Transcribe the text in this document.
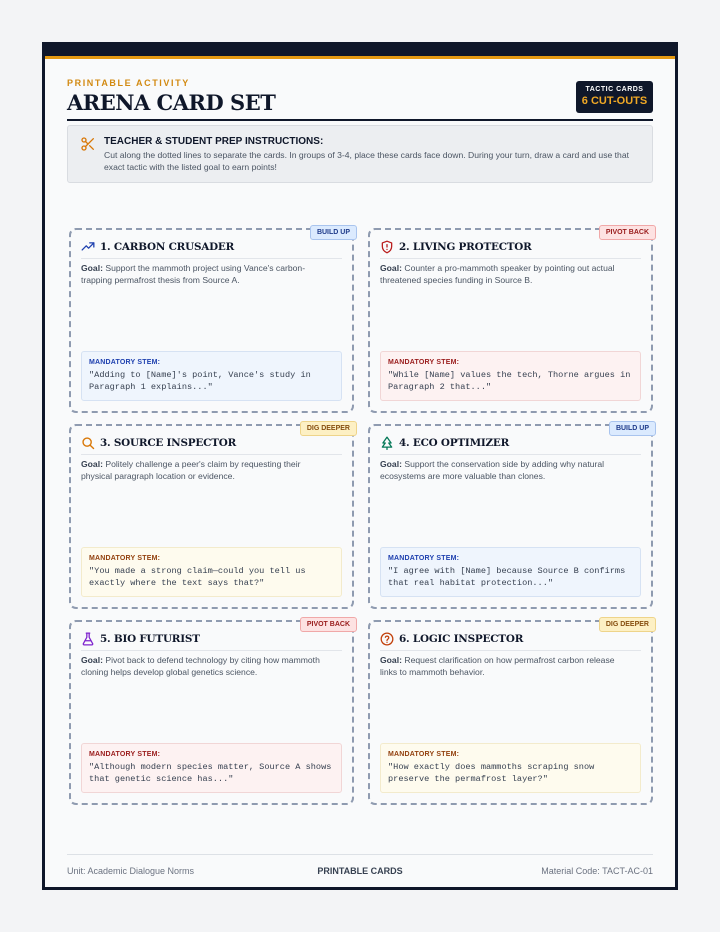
PRINTABLE ACTIVITY
ARENA CARD SET
TACTIC CARDS
6 CUT-OUTS
TEACHER & STUDENT PREP INSTRUCTIONS:
Cut along the dotted lines to separate the cards. In groups of 3-4, place these cards face down. During your turn, draw a card and use that exact tactic with the listed goal to earn points!
BUILD UP
1. CARBON CRUSADER
Goal: Support the mammoth project using Vance's carbon-trapping permafrost thesis from Source A.
MANDATORY STEM:
"Adding to [Name]'s point, Vance's study in Paragraph 1 explains..."
PIVOT BACK
2. LIVING PROTECTOR
Goal: Counter a pro-mammoth speaker by pointing out actual threatened species funding in Source B.
MANDATORY STEM:
"While [Name] values the tech, Thorne argues in Paragraph 2 that..."
DIG DEEPER
3. SOURCE INSPECTOR
Goal: Politely challenge a peer's claim by requesting their physical paragraph location or evidence.
MANDATORY STEM:
"You made a strong claim—could you tell us exactly where the text says that?"
BUILD UP
4. ECO OPTIMIZER
Goal: Support the conservation side by adding why natural ecosystems are more valuable than clones.
MANDATORY STEM:
"I agree with [Name] because Source B confirms that real habitat protection..."
PIVOT BACK
5. BIO FUTURIST
Goal: Pivot back to defend technology by citing how mammoth cloning helps develop global genetics science.
MANDATORY STEM:
"Although modern species matter, Source A shows that genetic science has..."
DIG DEEPER
6. LOGIC INSPECTOR
Goal: Request clarification on how permafrost carbon release links to mammoth behavior.
MANDATORY STEM:
"How exactly does mammoths scraping snow preserve the permafrost layer?"
Unit: Academic Dialogue Norms	PRINTABLE CARDS	Material Code: TACT-AC-01
